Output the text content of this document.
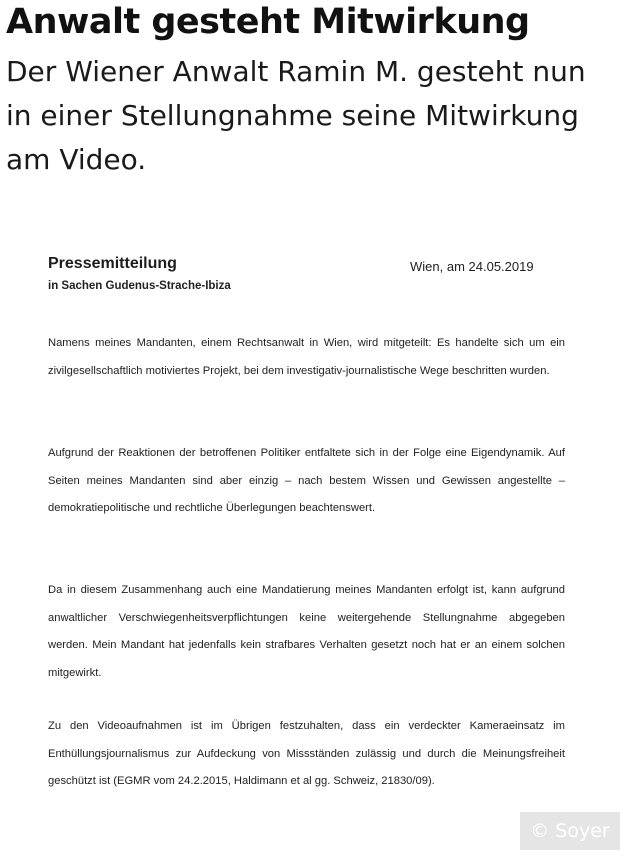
Anwalt gesteht Mitwirkung

Der Wiener Anwalt Ramin M. gesteht nun in einer Stellungnahme seine Mitwirkung am Video.

Pressemitteilung
in Sachen Gudenus-Strache-Ibiza
Wien, am 24.05.2019

Namens meines Mandanten, einem Rechtsanwalt in Wien, wird mitgeteilt: Es handelte sich um ein zivilgesellschaftlich motiviertes Projekt, bei dem investigativ-journalistische Wege beschritten wurden.

Aufgrund der Reaktionen der betroffenen Politiker entfaltete sich in der Folge eine Eigendynamik. Auf Seiten meines Mandanten sind aber einzig – nach bestem Wissen und Gewissen angestellte – demokratiepolitische und rechtliche Überlegungen beachtenswert.

Da in diesem Zusammenhang auch eine Mandatierung meines Mandanten erfolgt ist, kann aufgrund anwaltlicher Verschwiegenheitsverpflichtungen keine weitergehende Stellungnahme abgegeben werden. Mein Mandant hat jedenfalls kein strafbares Verhalten gesetzt noch hat er an einem solchen mitgewirkt.

Zu den Videoaufnahmen ist im Übrigen festzuhalten, dass ein verdeckter Kameraeinsatz im Enthüllungsjournalismus zur Aufdeckung von Missständen zulässig und durch die Meinungsfreiheit geschützt ist (EGMR vom 24.2.2015, Haldimann et al gg. Schweiz, 21830/09).

© Soyer
